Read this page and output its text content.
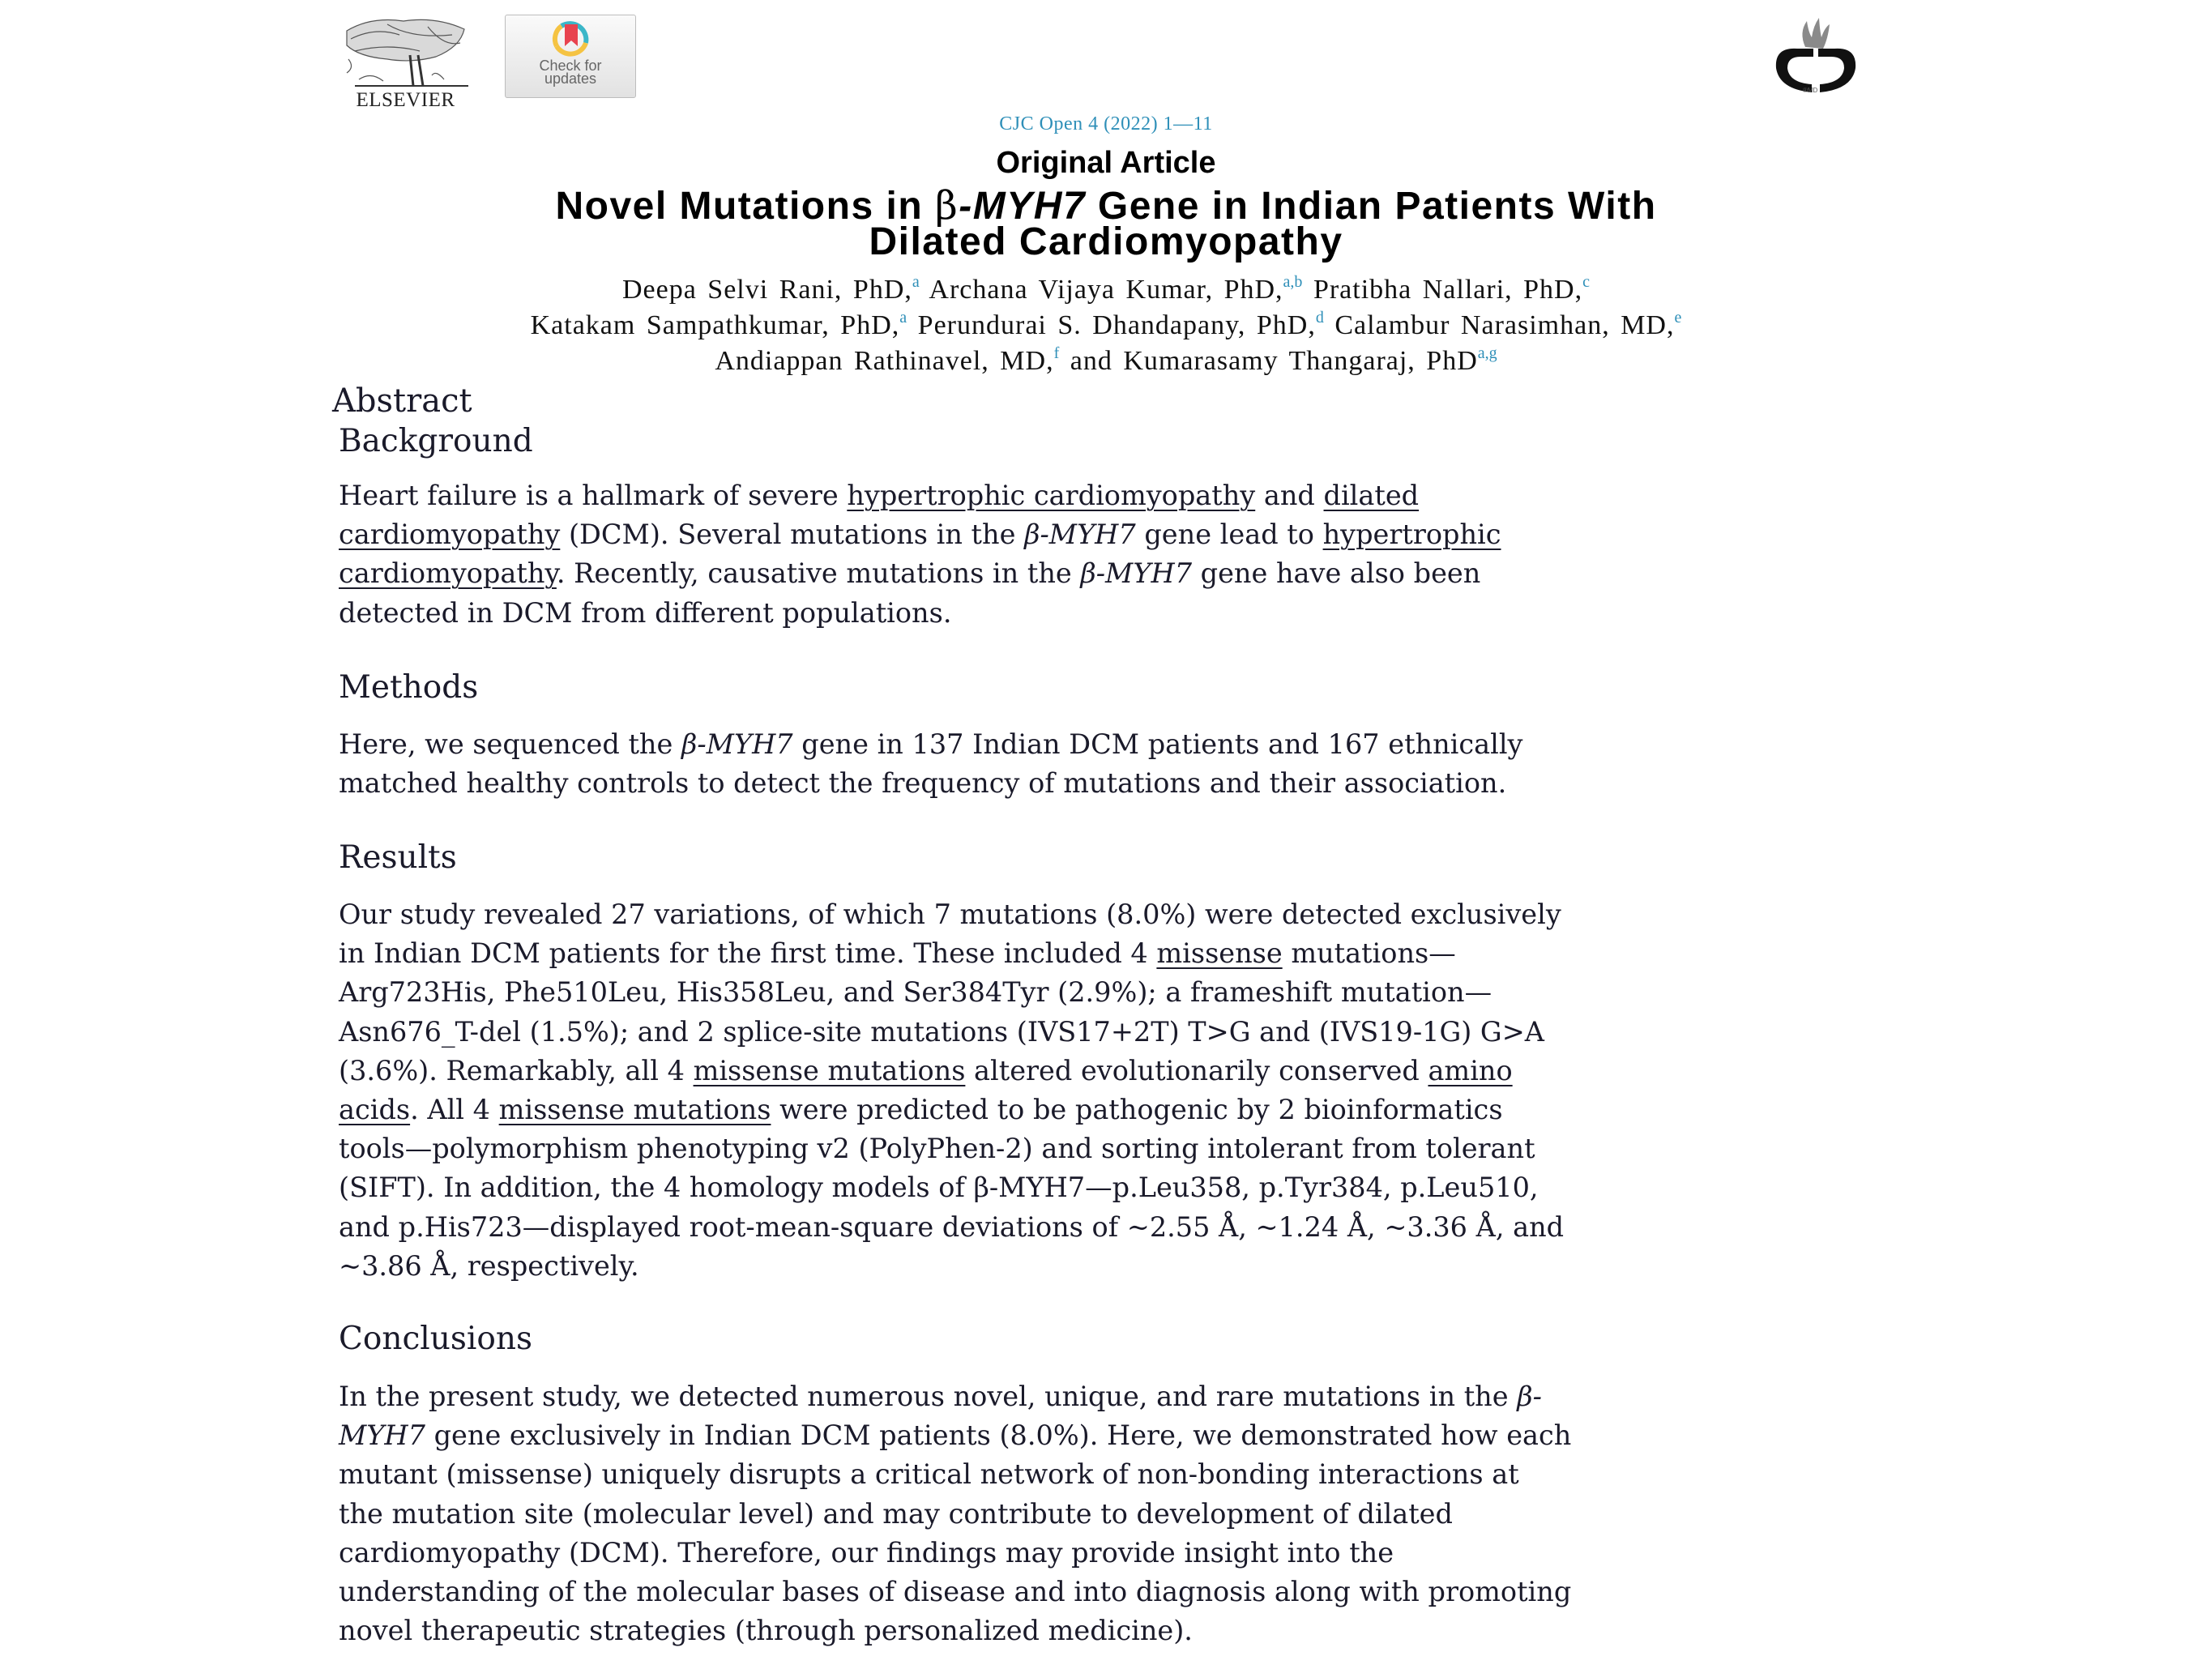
ELSEVIER
Check for
updates
®MD
CJC Open 4 (2022) 1—11
Original Article
Novel Mutations in β-MYH7 Gene in Indian Patients With
Dilated Cardiomyopathy
Deepa Selvi Rani, PhD,$^a$ Archana Vijaya Kumar, PhD,$^{a,b}$ Pratibha Nallari, PhD,$^c$
Katakam Sampathkumar, PhD,$^a$ Perundurai S. Dhandapany, PhD,$^d$ Calambur Narasimhan, MD,$^e$
Andiappan Rathinavel, MD,$^f$ and Kumarasamy Thangaraj, PhD$^{a,g}$
Abstract
Background
Heart failure is a hallmark of severe hypertrophic cardiomyopathy and dilated
cardiomyopathy (DCM). Several mutations in the β-MYH7 gene lead to hypertrophic
cardiomyopathy. Recently, causative mutations in the β-MYH7 gene have also been
detected in DCM from different populations.
Methods
Here, we sequenced the β-MYH7 gene in 137 Indian DCM patients and 167 ethnically
matched healthy controls to detect the frequency of mutations and their association.
Results
Our study revealed 27 variations, of which 7 mutations (8.0%) were detected exclusively
in Indian DCM patients for the first time. These included 4 missense mutations—
Arg723His, Phe510Leu, His358Leu, and Ser384Tyr (2.9%); a frameshift mutation—
Asn676_T-del (1.5%); and 2 splice-site mutations (IVS17+2T) T>G and (IVS19-1G) G>A
(3.6%). Remarkably, all 4 missense mutations altered evolutionarily conserved amino
acids. All 4 missense mutations were predicted to be pathogenic by 2 bioinformatics
tools—polymorphism phenotyping v2 (PolyPhen-2) and sorting intolerant from tolerant
(SIFT). In addition, the 4 homology models of β-MYH7—p.Leu358, p.Tyr384, p.Leu510,
and p.His723—displayed root-mean-square deviations of ∼2.55 Å, ∼1.24 Å, ∼3.36 Å, and
∼3.86 Å, respectively.
Conclusions
In the present study, we detected numerous novel, unique, and rare mutations in the β-
MYH7 gene exclusively in Indian DCM patients (8.0%). Here, we demonstrated how each
mutant (missense) uniquely disrupts a critical network of non-bonding interactions at
the mutation site (molecular level) and may contribute to development of dilated
cardiomyopathy (DCM). Therefore, our findings may provide insight into the
understanding of the molecular bases of disease and into diagnosis along with promoting
novel therapeutic strategies (through personalized medicine).
